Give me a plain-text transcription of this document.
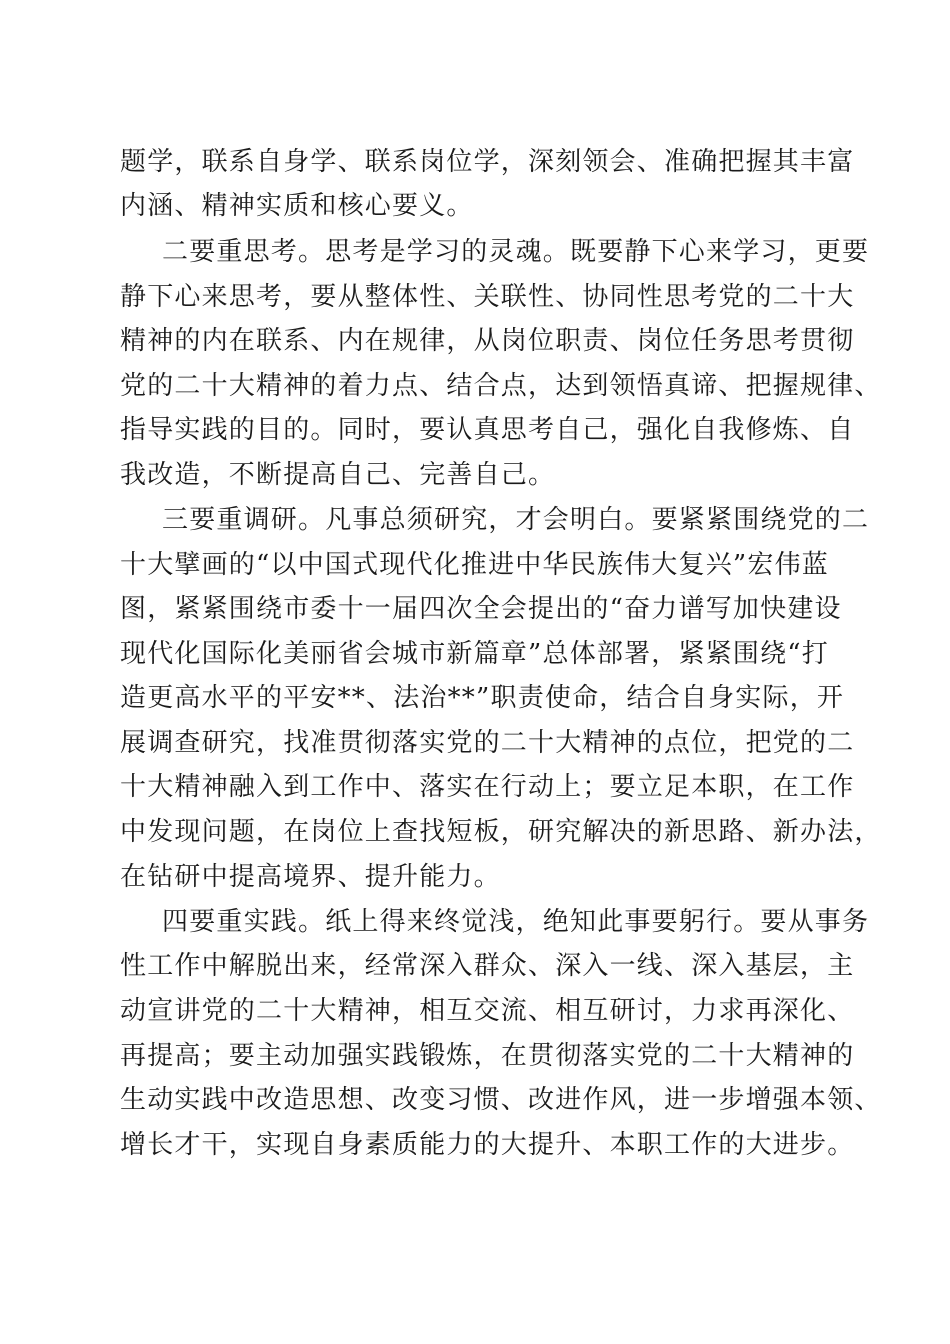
题学，联系自身学、联系岗位学，深刻领会、准确把握其丰富
内涵、精神实质和核心要义。
二要重思考。思考是学习的灵魂。既要静下心来学习，更要
静下心来思考，要从整体性、关联性、协同性思考党的二十大
精神的内在联系、内在规律，从岗位职责、岗位任务思考贯彻
党的二十大精神的着力点、结合点，达到领悟真谛、把握规律、
指导实践的目的。同时，要认真思考自己，强化自我修炼、自
我改造，不断提高自己、完善自己。
三要重调研。凡事总须研究，才会明白。要紧紧围绕党的二
十大擘画的“以中国式现代化推进中华民族伟大复兴”宏伟蓝
图，紧紧围绕市委十一届四次全会提出的“奋力谱写加快建设
现代化国际化美丽省会城市新篇章”总体部署，紧紧围绕“打
造更高水平的平安**、法治**”职责使命，结合自身实际，开
展调查研究，找准贯彻落实党的二十大精神的点位，把党的二
十大精神融入到工作中、落实在行动上；要立足本职，在工作
中发现问题，在岗位上查找短板，研究解决的新思路、新办法，
在钻研中提高境界、提升能力。
四要重实践。纸上得来终觉浅，绝知此事要躬行。要从事务
性工作中解脱出来，经常深入群众、深入一线、深入基层，主
动宣讲党的二十大精神，相互交流、相互研讨，力求再深化、
再提高；要主动加强实践锻炼，在贯彻落实党的二十大精神的
生动实践中改造思想、改变习惯、改进作风，进一步增强本领、
增长才干，实现自身素质能力的大提升、本职工作的大进步。
